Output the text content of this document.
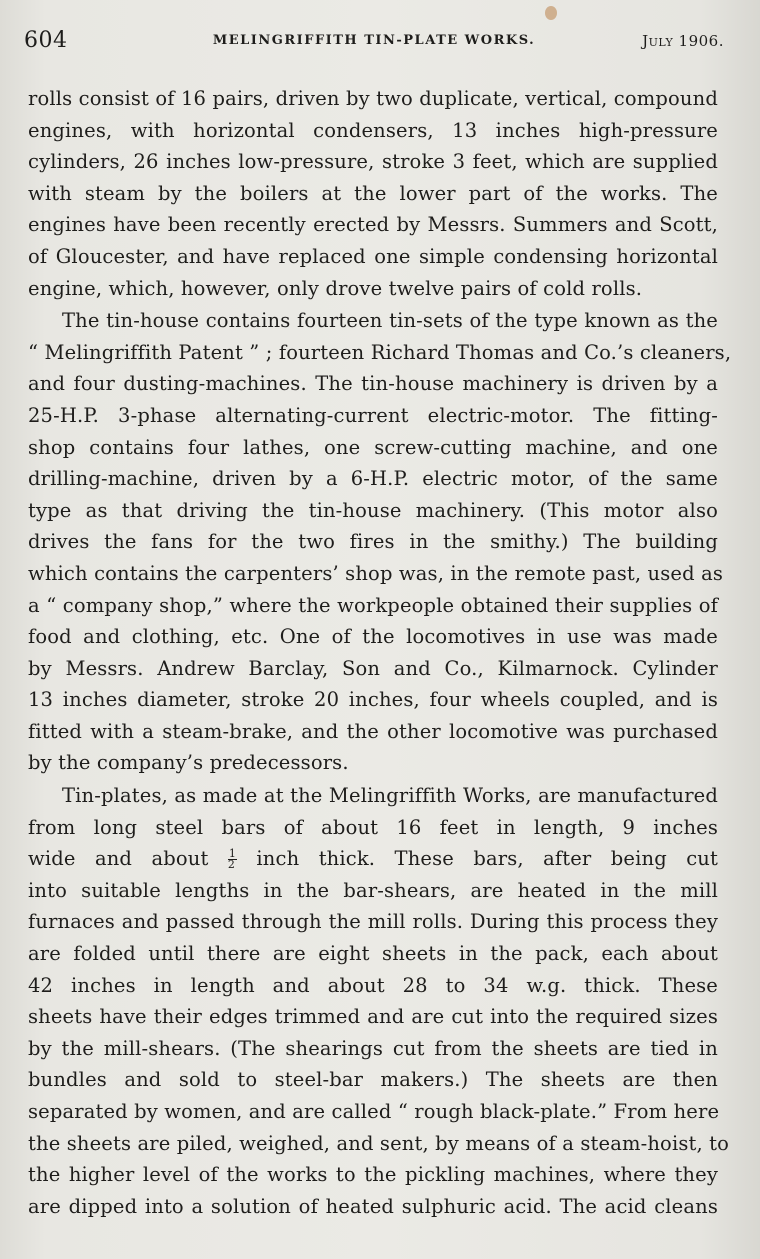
604	MELINGRIFFITH TIN-PLATE WORKS.	July 1906.
rolls consist of 16 pairs, driven by two duplicate, vertical, compound
engines, with horizontal condensers, 13 inches high-pressure
cylinders, 26 inches low-pressure, stroke 3 feet, which are supplied
with steam by the boilers at the lower part of the works. The
engines have been recently erected by Messrs. Summers and Scott,
of Gloucester, and have replaced one simple condensing horizontal
engine, which, however, only drove twelve pairs of cold rolls.
The tin-house contains fourteen tin-sets of the type known as the
“ Melingriffith Patent ” ; fourteen Richard Thomas and Co.’s cleaners,
and four dusting-machines. The tin-house machinery is driven by a
25-H.P. 3-phase alternating-current electric-motor. The fitting-
shop contains four lathes, one screw-cutting machine, and one
drilling-machine, driven by a 6-H.P. electric motor, of the same
type as that driving the tin-house machinery. (This motor also
drives the fans for the two fires in the smithy.) The building
which contains the carpenters’ shop was, in the remote past, used as
a “ company shop,” where the workpeople obtained their supplies of
food and clothing, etc. One of the locomotives in use was made
by Messrs. Andrew Barclay, Son and Co., Kilmarnock. Cylinder
13 inches diameter, stroke 20 inches, four wheels coupled, and is
fitted with a steam-brake, and the other locomotive was purchased
by the company’s predecessors.
Tin-plates, as made at the Melingriffith Works, are manufactured
from long steel bars of about 16 feet in length, 9 inches
wide and about $\frac{1}{2}$ inch thick. These bars, after being cut
into suitable lengths in the bar-shears, are heated in the mill
furnaces and passed through the mill rolls. During this process they
are folded until there are eight sheets in the pack, each about
42 inches in length and about 28 to 34 w.g. thick. These
sheets have their edges trimmed and are cut into the required sizes
by the mill-shears. (The shearings cut from the sheets are tied in
bundles and sold to steel-bar makers.) The sheets are then
separated by women, and are called “ rough black-plate.” From here
the sheets are piled, weighed, and sent, by means of a steam-hoist, to
the higher level of the works to the pickling machines, where they
are dipped into a solution of heated sulphuric acid. The acid cleans
